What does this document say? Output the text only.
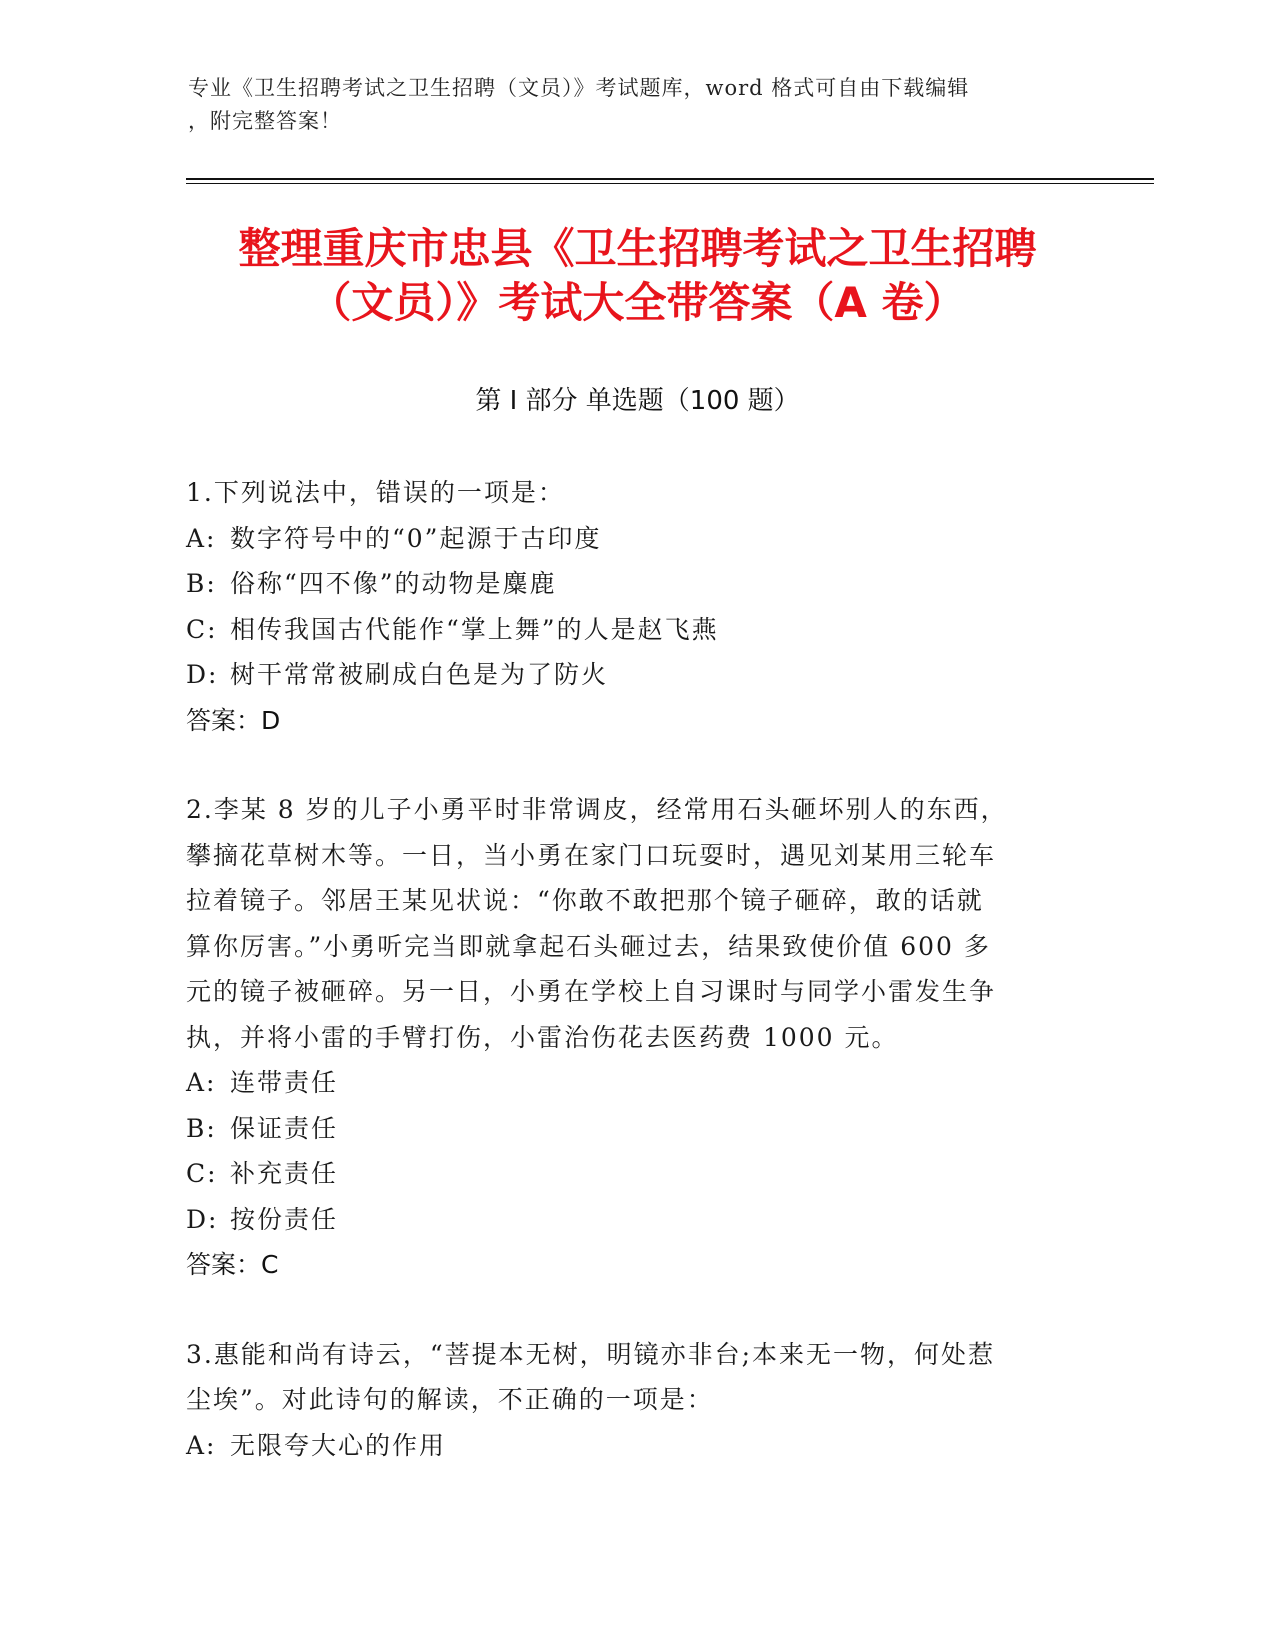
专业《卫生招聘考试之卫生招聘（文员）》考试题库，word 格式可自由下载编辑
，附完整答案！
整理重庆市忠县《卫生招聘考试之卫生招聘
（文员）》考试大全带答案（A 卷）
第 I 部分 单选题（100 题）

1.下列说法中，错误的一项是：

A: 数字符号中的“0”起源于古印度

B: 俗称“四不像”的动物是麋鹿

C: 相传我国古代能作“掌上舞”的人是赵飞燕

D: 树干常常被刷成白色是为了防火

答案：D

2.李某 8 岁的儿子小勇平时非常调皮，经常用石头砸坏别人的东西，

攀摘花草树木等。一日，当小勇在家门口玩耍时，遇见刘某用三轮车

拉着镜子。邻居王某见状说：“你敢不敢把那个镜子砸碎，敢的话就

算你厉害。”小勇听完当即就拿起石头砸过去，结果致使价值 600 多

元的镜子被砸碎。另一日，小勇在学校上自习课时与同学小雷发生争

执，并将小雷的手臂打伤，小雷治伤花去医药费 1000 元。

A: 连带责任

B: 保证责任

C: 补充责任

D: 按份责任

答案：C

3.惠能和尚有诗云，“菩提本无树，明镜亦非台;本来无一物，何处惹

尘埃”。对此诗句的解读，不正确的一项是：

A: 无限夸大心的作用
